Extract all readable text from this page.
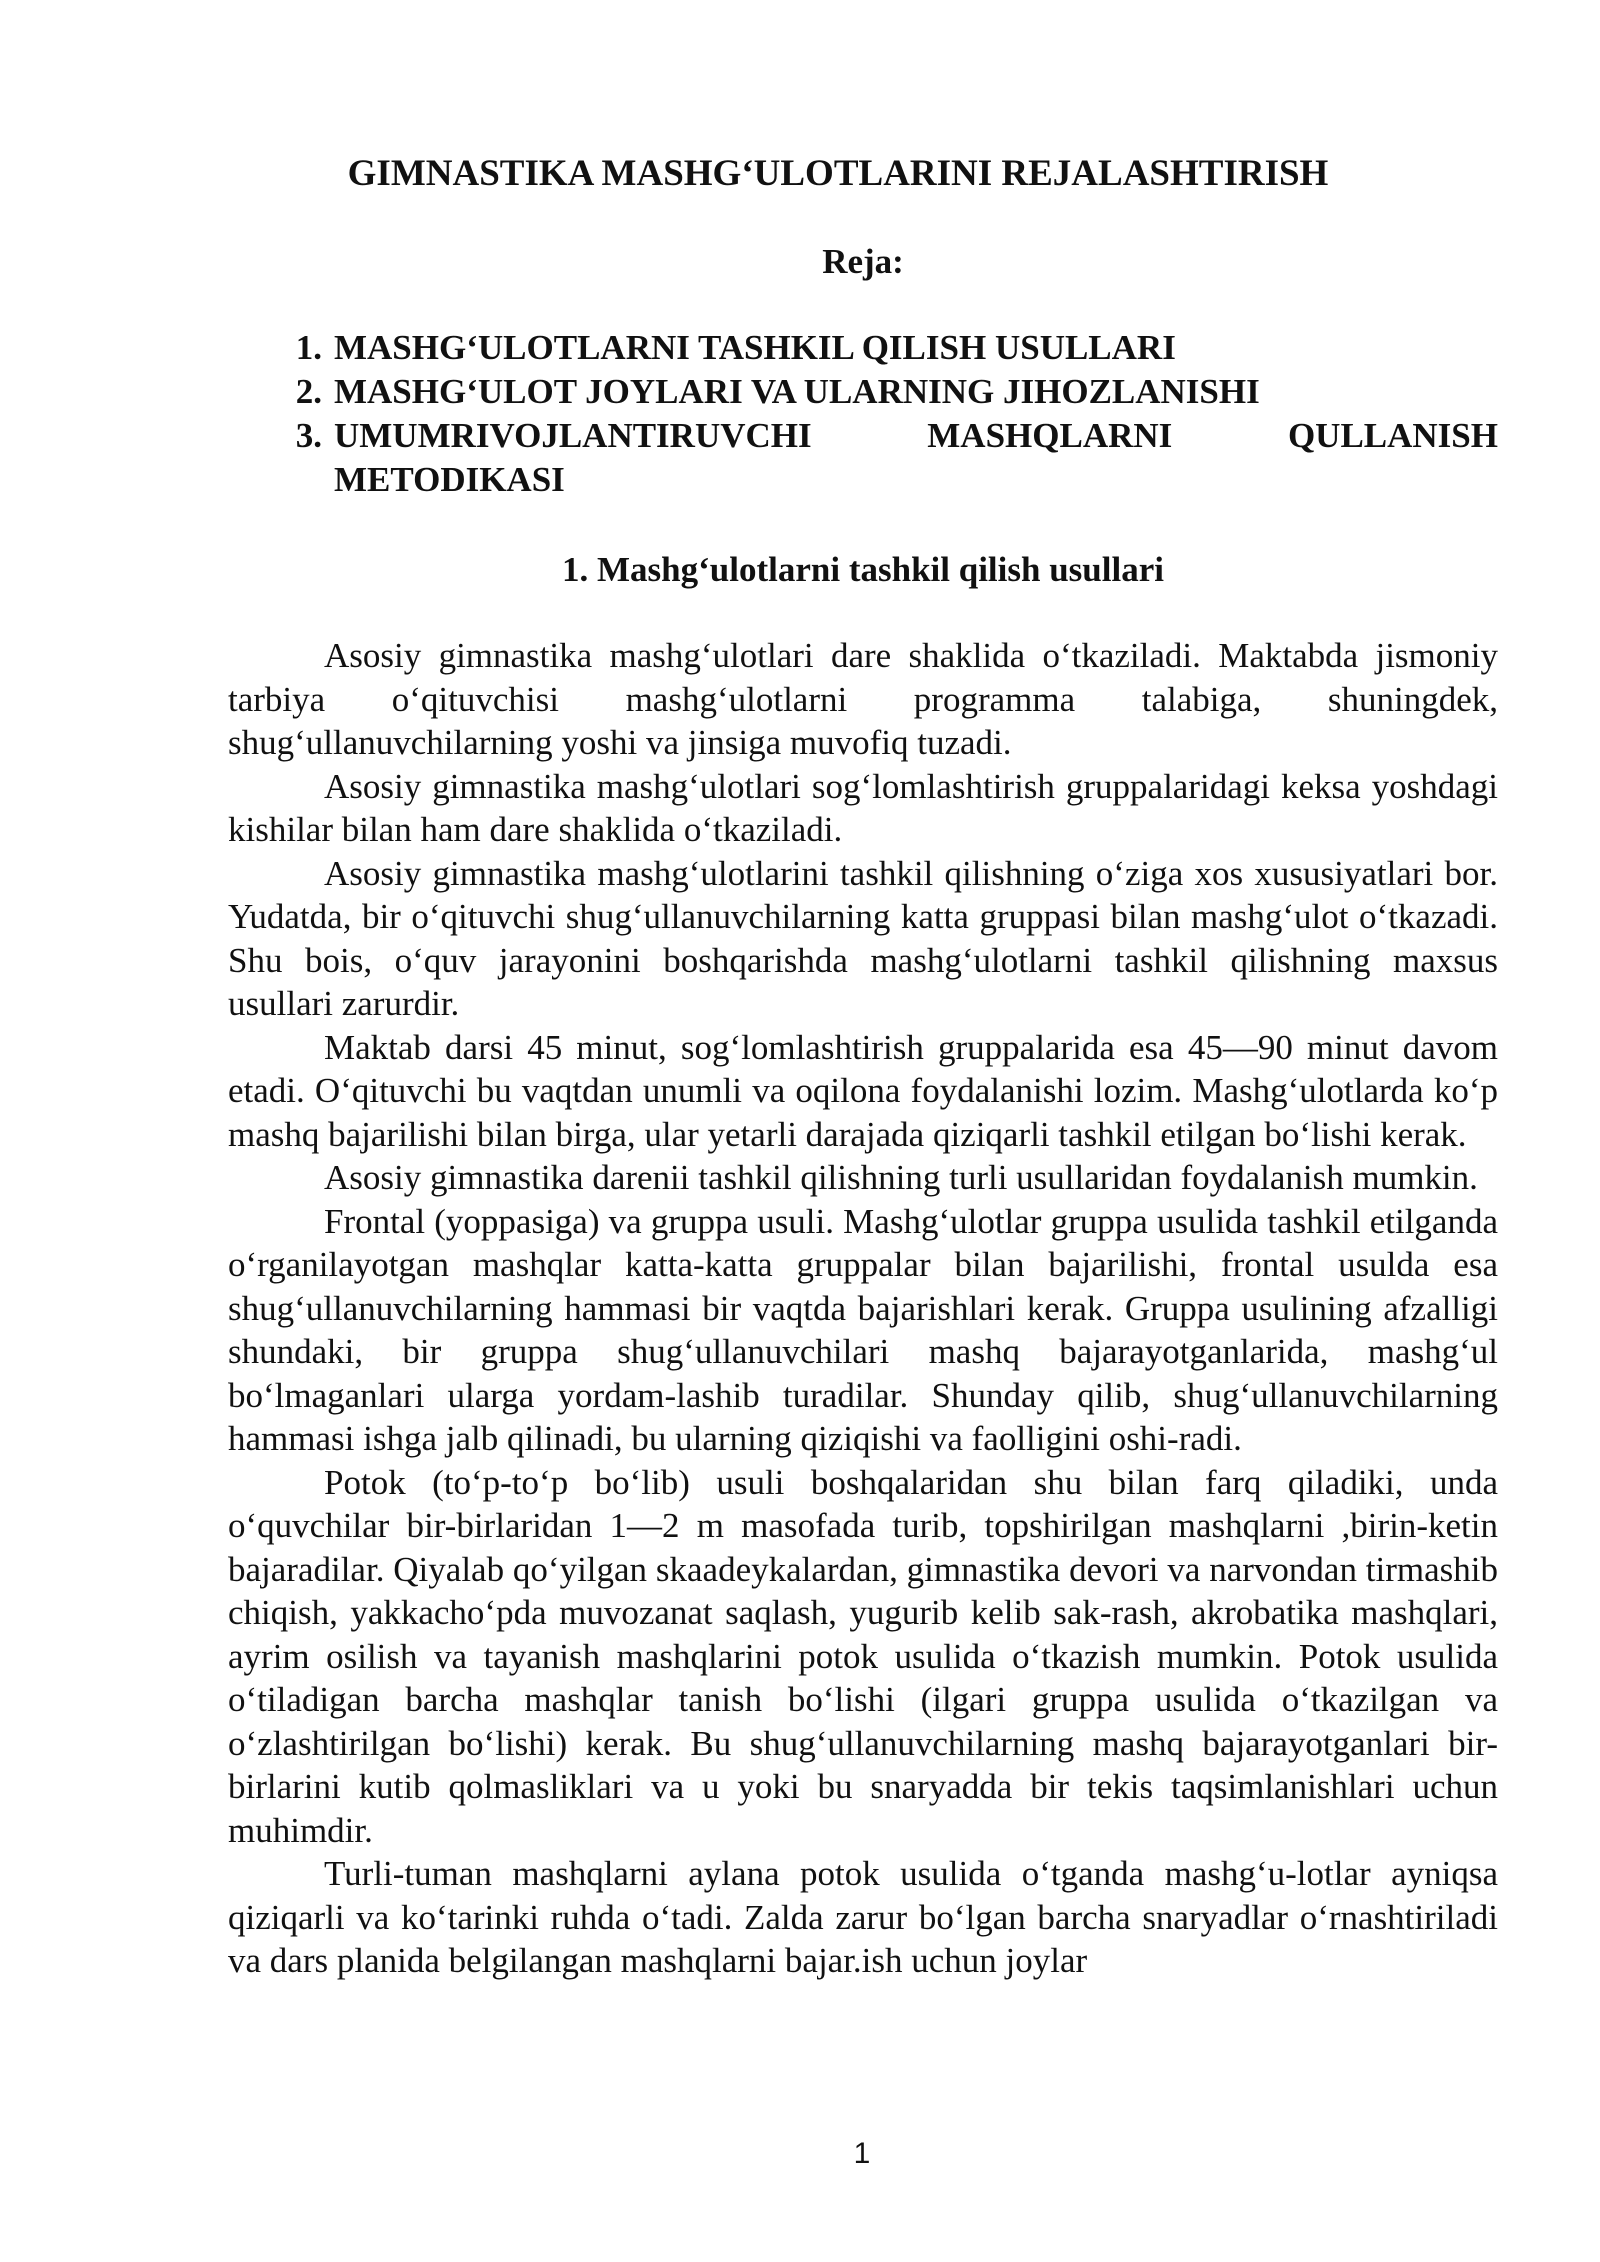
GIMNASTIKA MASHG‘ULOTLARINI REJALASHTIRISH
Reja:
1. MASHG‘ULOTLARNI TASHKIL QILISH USULLARI
2. MASHG‘ULOT JOYLARI VA ULARNING JIHOZLANISHI
3. UMUMRIVOJLANTIRUVCHI MASHQLARNI QULLANISH METODIKASI
1. Mashg‘ulotlarni tashkil qilish usullari

Asosiy gimnastika mashg‘ulotlari dare shaklida o‘tkaziladi. Maktabda jismoniy tarbiya o‘qituvchisi mashg‘ulotlarni programma talabiga, shuningdek, shug‘ullanuvchilarning yoshi va jinsiga muvofiq tuzadi.

Asosiy gimnastika mashg‘ulotlari sog‘lomlashtirish gruppalaridagi keksa yoshdagi kishilar bilan ham dare shaklida o‘tkaziladi.

Asosiy gimnastika mashg‘ulotlarini tashkil qilishning o‘ziga xos xususiyatlari bor. Yudatda, bir o‘qituvchi shug‘ullanuvchilarning katta gruppasi bilan mashg‘ulot o‘tkazadi. Shu bois, o‘quv jarayonini boshqarishda mashg‘ulotlarni tashkil qilishning maxsus usullari zarurdir.

Maktab darsi 45 minut, sog‘lomlashtirish gruppalarida esa 45—90 minut davom etadi. O‘qituvchi bu vaqtdan unumli va oqilona foydalanishi lozim. Mashg‘ulotlarda ko‘p mashq bajarilishi bilan birga, ular yetarli darajada qiziqarli tashkil etilgan bo‘lishi kerak.

Asosiy gimnastika darenii tashkil qilishning turli usullaridan foydalanish mumkin.

Frontal (yoppasiga) va gruppa usuli. Mashg‘ulotlar gruppa usulida tashkil etilganda o‘rganilayotgan mashqlar katta-katta gruppalar bilan bajarilishi, frontal usulda esa shug‘ullanuvchilarning hammasi bir vaqtda bajarishlari kerak. Gruppa usulining afzalligi shundaki, bir gruppa shug‘ullanuvchilari mashq bajarayotganlarida, mashg‘ul bo‘lmaganlari ularga yordam-lashib turadilar. Shunday qilib, shug‘ullanuvchilarning hammasi ishga jalb qilinadi, bu ularning qiziqishi va faolligini oshi-radi.

Potok (to‘p-to‘p bo‘lib) usuli boshqalaridan shu bilan farq qiladiki, unda o‘quvchilar bir-birlaridan 1—2 m masofada turib, topshirilgan mashqlarni ,birin-ketin bajaradilar. Qiyalab qo‘yilgan skaadeykalardan, gimnastika devori va narvondan tirmashib chiqish, yakkacho‘pda muvozanat saqlash, yugurib kelib sak-rash, akrobatika mashqlari, ayrim osilish va tayanish mashqlarini potok usulida o‘tkazish mumkin. Potok usulida o‘tiladigan barcha mashqlar tanish bo‘lishi (ilgari gruppa usulida o‘tkazilgan va o‘zlashtirilgan bo‘lishi) kerak. Bu shug‘ullanuvchilarning mashq bajarayotganlari bir-birlarini kutib qolmasliklari va u yoki bu snaryadda bir tekis taqsimlanishlari uchun muhimdir.

Turli-tuman mashqlarni aylana potok usulida o‘tganda mashg‘u-lotlar ayniqsa qiziqarli va ko‘tarinki ruhda o‘tadi. Zalda zarur bo‘lgan barcha snaryadlar o‘rnashtiriladi va dars planida belgilangan mashqlarni bajar.ish uchun joylar

1
